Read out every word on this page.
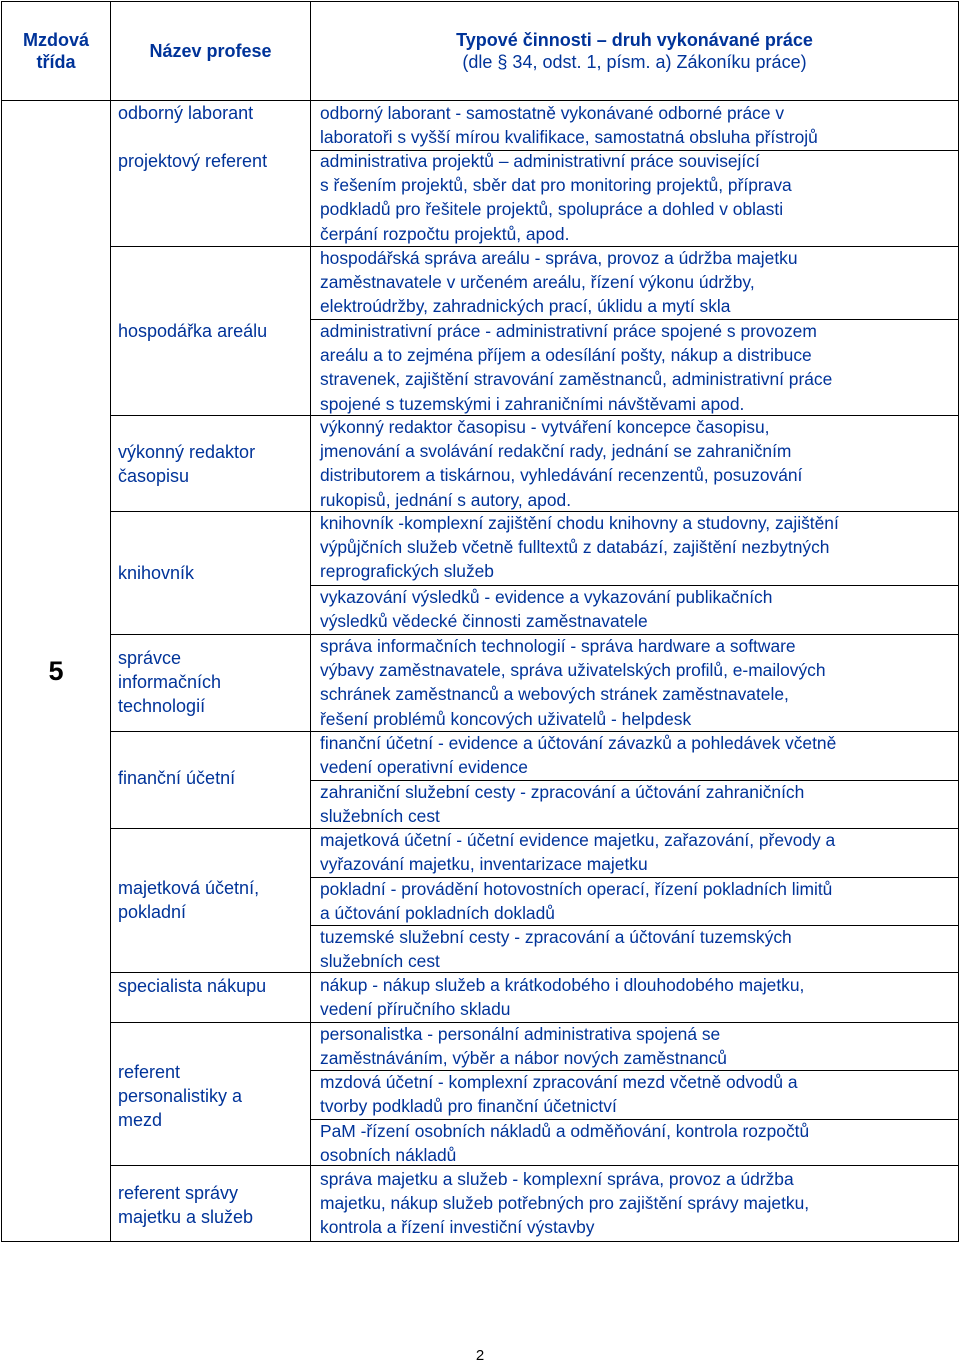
Mzdová
třída
Název profese
Typové činnosti – druh vykonávané práce
(dle § 34, odst. 1, písm. a) Zákoníku práce)
5
odborný laborant
projektový referent
hospodářka areálu
výkonný redaktor
časopisu
knihovník
správce
informačních
technologií
finanční účetní
majetková účetní,
pokladní
specialista nákupu
referent
personalistiky a
mezd
referent správy
majetku a služeb
odborný laborant - samostatně vykonávané odborné práce v
laboratoři s vyšší mírou kvalifikace, samostatná obsluha přístrojů
administrativa projektů – administrativní práce související
s řešením projektů, sběr dat pro monitoring projektů, příprava
podkladů pro řešitele projektů, spolupráce a dohled v oblasti
čerpání rozpočtu projektů, apod.
hospodářská správa areálu - správa, provoz a údržba majetku
zaměstnavatele v určeném areálu, řízení výkonu údržby,
elektroúdržby, zahradnických prací, úklidu a mytí skla
administrativní práce - administrativní práce spojené s provozem
areálu a to zejména příjem a odesílání pošty, nákup a distribuce
stravenek, zajištění stravování zaměstnanců, administrativní práce
spojené s tuzemskými i zahraničními návštěvami apod.
výkonný redaktor časopisu - vytváření koncepce časopisu,
jmenování a svolávání redakční rady, jednání se zahraničním
distributorem a tiskárnou, vyhledávání recenzentů, posuzování
rukopisů, jednání s autory, apod.
knihovník -komplexní zajištění chodu knihovny a studovny, zajištění
výpůjčních služeb včetně fulltextů z databází, zajištění nezbytných
reprografických služeb
vykazování výsledků - evidence a vykazování publikačních
výsledků vědecké činnosti zaměstnavatele
správa informačních technologií - správa hardware a software
výbavy zaměstnavatele, správa uživatelských profilů, e-mailových
schránek zaměstnanců a webových stránek zaměstnavatele,
řešení problémů koncových uživatelů - helpdesk
finanční účetní - evidence a účtování závazků a pohledávek včetně
vedení operativní evidence
zahraniční služební cesty - zpracování a účtování zahraničních
služebních cest
majetková účetní - účetní evidence majetku, zařazování, převody a
vyřazování majetku, inventarizace majetku
pokladní - provádění hotovostních operací, řízení pokladních limitů
a účtování pokladních dokladů
tuzemské služební cesty - zpracování a účtování tuzemských
služebních cest
nákup - nákup služeb a krátkodobého i dlouhodobého majetku,
vedení příručního skladu
personalistka - personální administrativa spojená se
zaměstnáváním, výběr a nábor nových zaměstnanců
mzdová účetní - komplexní zpracování mezd včetně odvodů a
tvorby podkladů pro finanční účetnictví
PaM -řízení osobních nákladů a odměňování, kontrola rozpočtů
osobních nákladů
správa majetku a služeb - komplexní správa, provoz a údržba
majetku, nákup služeb potřebných pro zajištění správy majetku,
kontrola a řízení investiční výstavby
2
